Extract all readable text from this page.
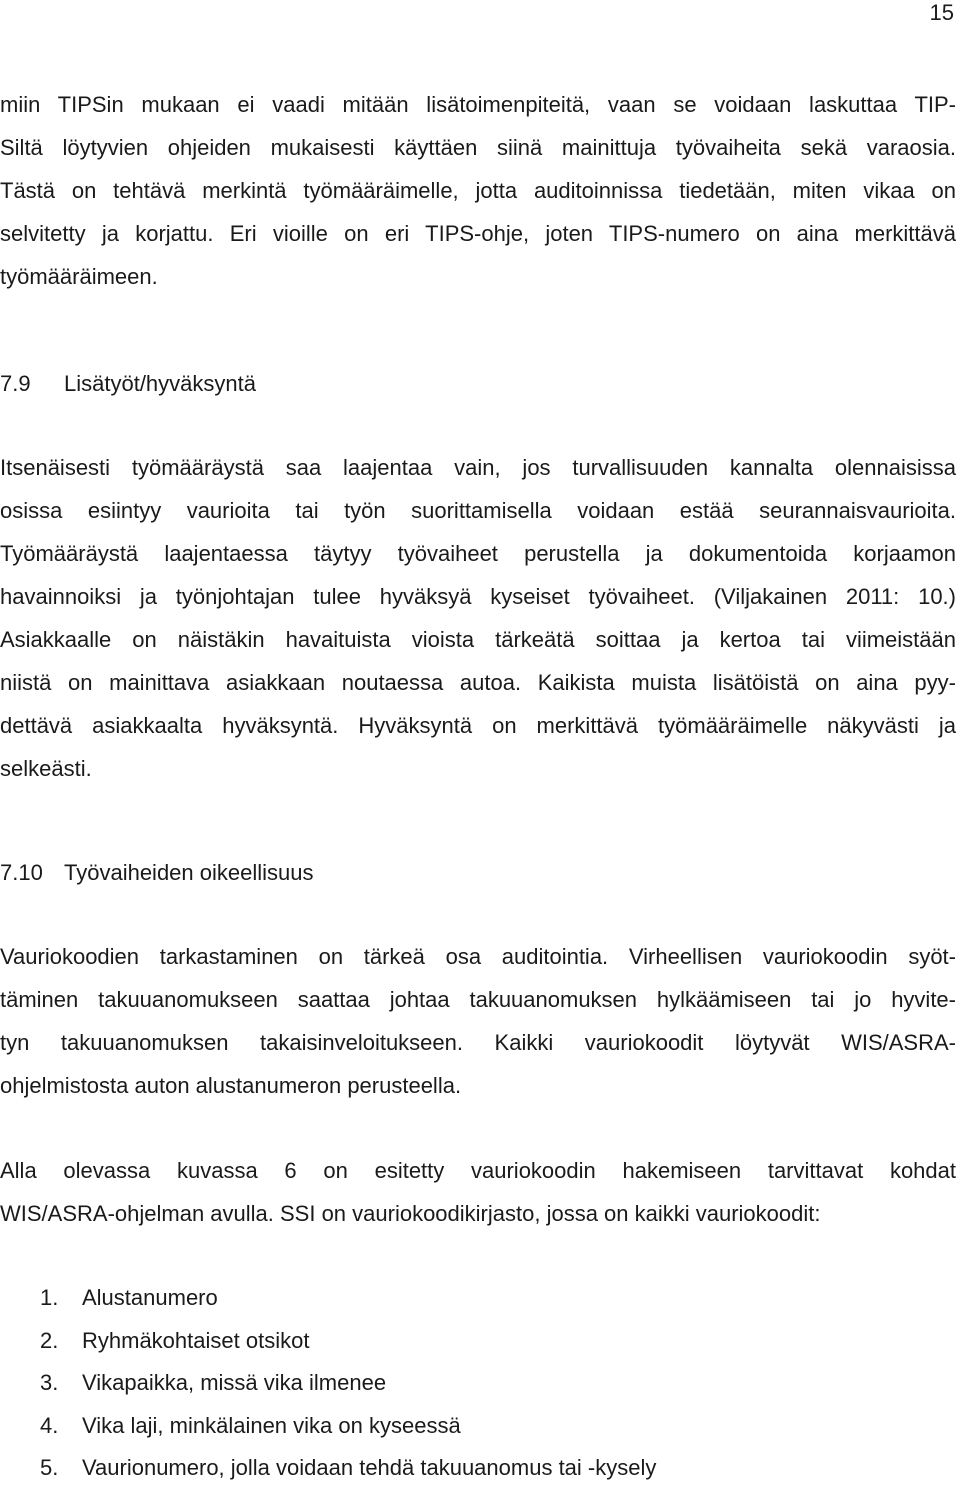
15
miin TIPSin mukaan ei vaadi mitään lisätoimenpiteitä, vaan se voidaan laskuttaa TIP-
Siltä löytyvien ohjeiden mukaisesti käyttäen siinä mainittuja työvaiheita sekä varaosia.
Tästä on tehtävä merkintä työmääräimelle, jotta auditoinnissa tiedetään, miten vikaa on
selvitetty ja korjattu. Eri vioille on eri TIPS-ohje, joten TIPS-numero on aina merkittävä
työmääräimeen.
7.9 Lisätyöt/hyväksyntä
Itsenäisesti työmääräystä saa laajentaa vain, jos turvallisuuden kannalta olennaisissa
osissa esiintyy vaurioita tai työn suorittamisella voidaan estää seurannaisvaurioita.
Työmääräystä laajentaessa täytyy työvaiheet perustella ja dokumentoida korjaamon
havainnoiksi ja työnjohtajan tulee hyväksyä kyseiset työvaiheet. (Viljakainen 2011: 10.)
Asiakkaalle on näistäkin havaituista vioista tärkeätä soittaa ja kertoa tai viimeistään
niistä on mainittava asiakkaan noutaessa autoa. Kaikista muista lisätöistä on aina pyy-
dettävä asiakkaalta hyväksyntä. Hyväksyntä on merkittävä työmääräimelle näkyvästi ja
selkeästi.
7.10 Työvaiheiden oikeellisuus
Vauriokoodien tarkastaminen on tärkeä osa auditointia. Virheellisen vauriokoodin syöt-
täminen takuuanomukseen saattaa johtaa takuuanomuksen hylkäämiseen tai jo hyvite-
tyn takuuanomuksen takaisinveloitukseen. Kaikki vauriokoodit löytyvät WIS/ASRA-
ohjelmistosta auton alustanumeron perusteella.
Alla olevassa kuvassa 6 on esitetty vauriokoodin hakemiseen tarvittavat kohdat
WIS/ASRA-ohjelman avulla. SSI on vauriokoodikirjasto, jossa on kaikki vauriokoodit:
1. Alustanumero
2. Ryhmäkohtaiset otsikot
3. Vikapaikka, missä vika ilmenee
4. Vika laji, minkälainen vika on kyseessä
5. Vaurionumero, jolla voidaan tehdä takuuanomus tai -kysely
